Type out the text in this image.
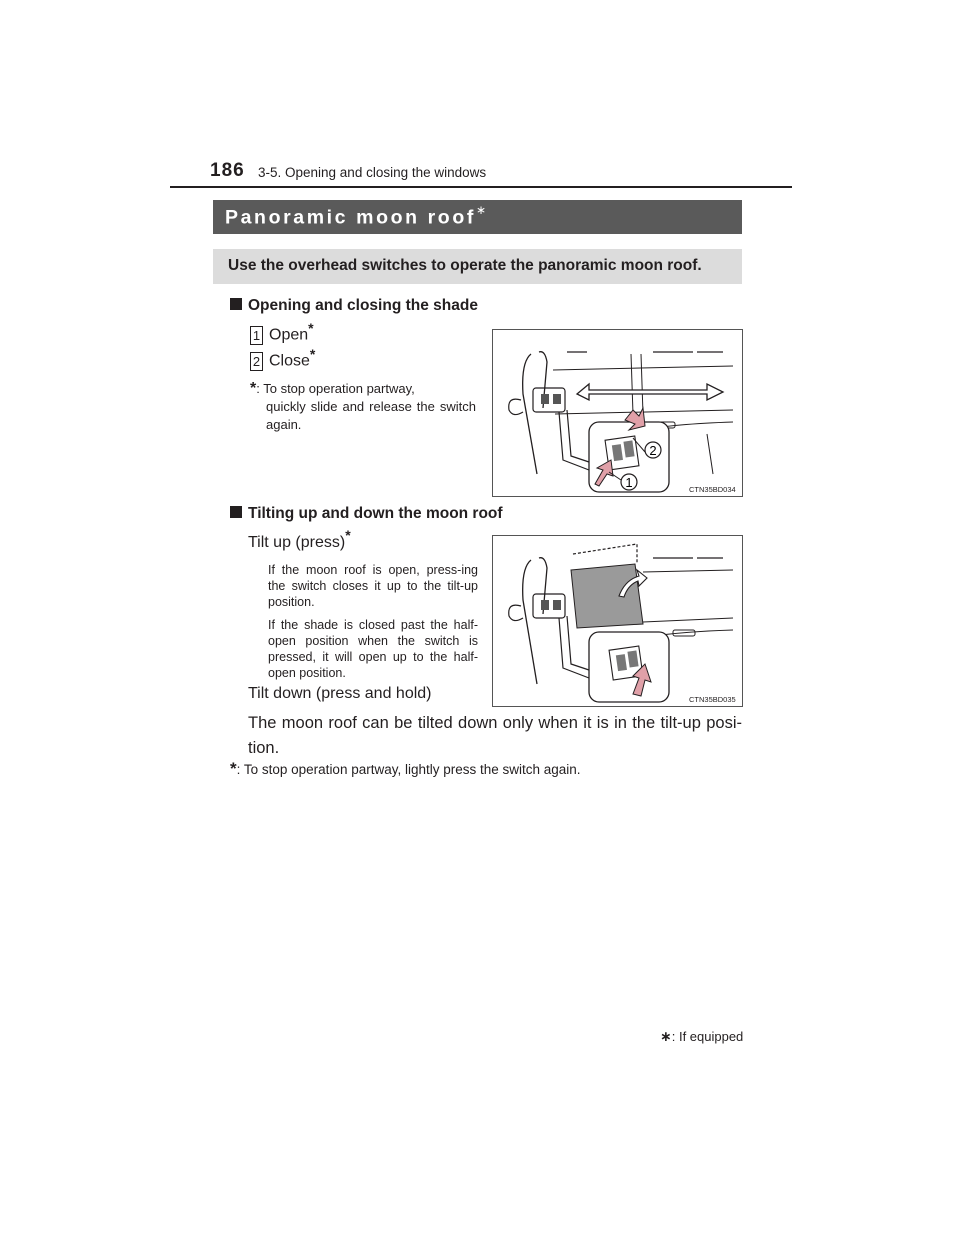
186 3-5. Opening and closing the windows
Panoramic moon roof∗
Use the overhead switches to operate the panoramic moon roof.
Opening and closing the shade
1 Open*
2 Close*
*: To stop operation partway,
quickly slide and release the switch again.
2
1	CTN35BD034
Tilting up and down the moon roof
Tilt up (press)*
If the moon roof is open, press-ing the switch closes it up to the tilt-up position.
If the shade is closed past the half-open position when the switch is pressed, it will open up to the half-open position.
Tilt down (press and hold)
The moon roof can be tilted down only when it is in the tilt-up posi-tion.
CTN35BD035
*: To stop operation partway, lightly press the switch again.
∗: If equipped
